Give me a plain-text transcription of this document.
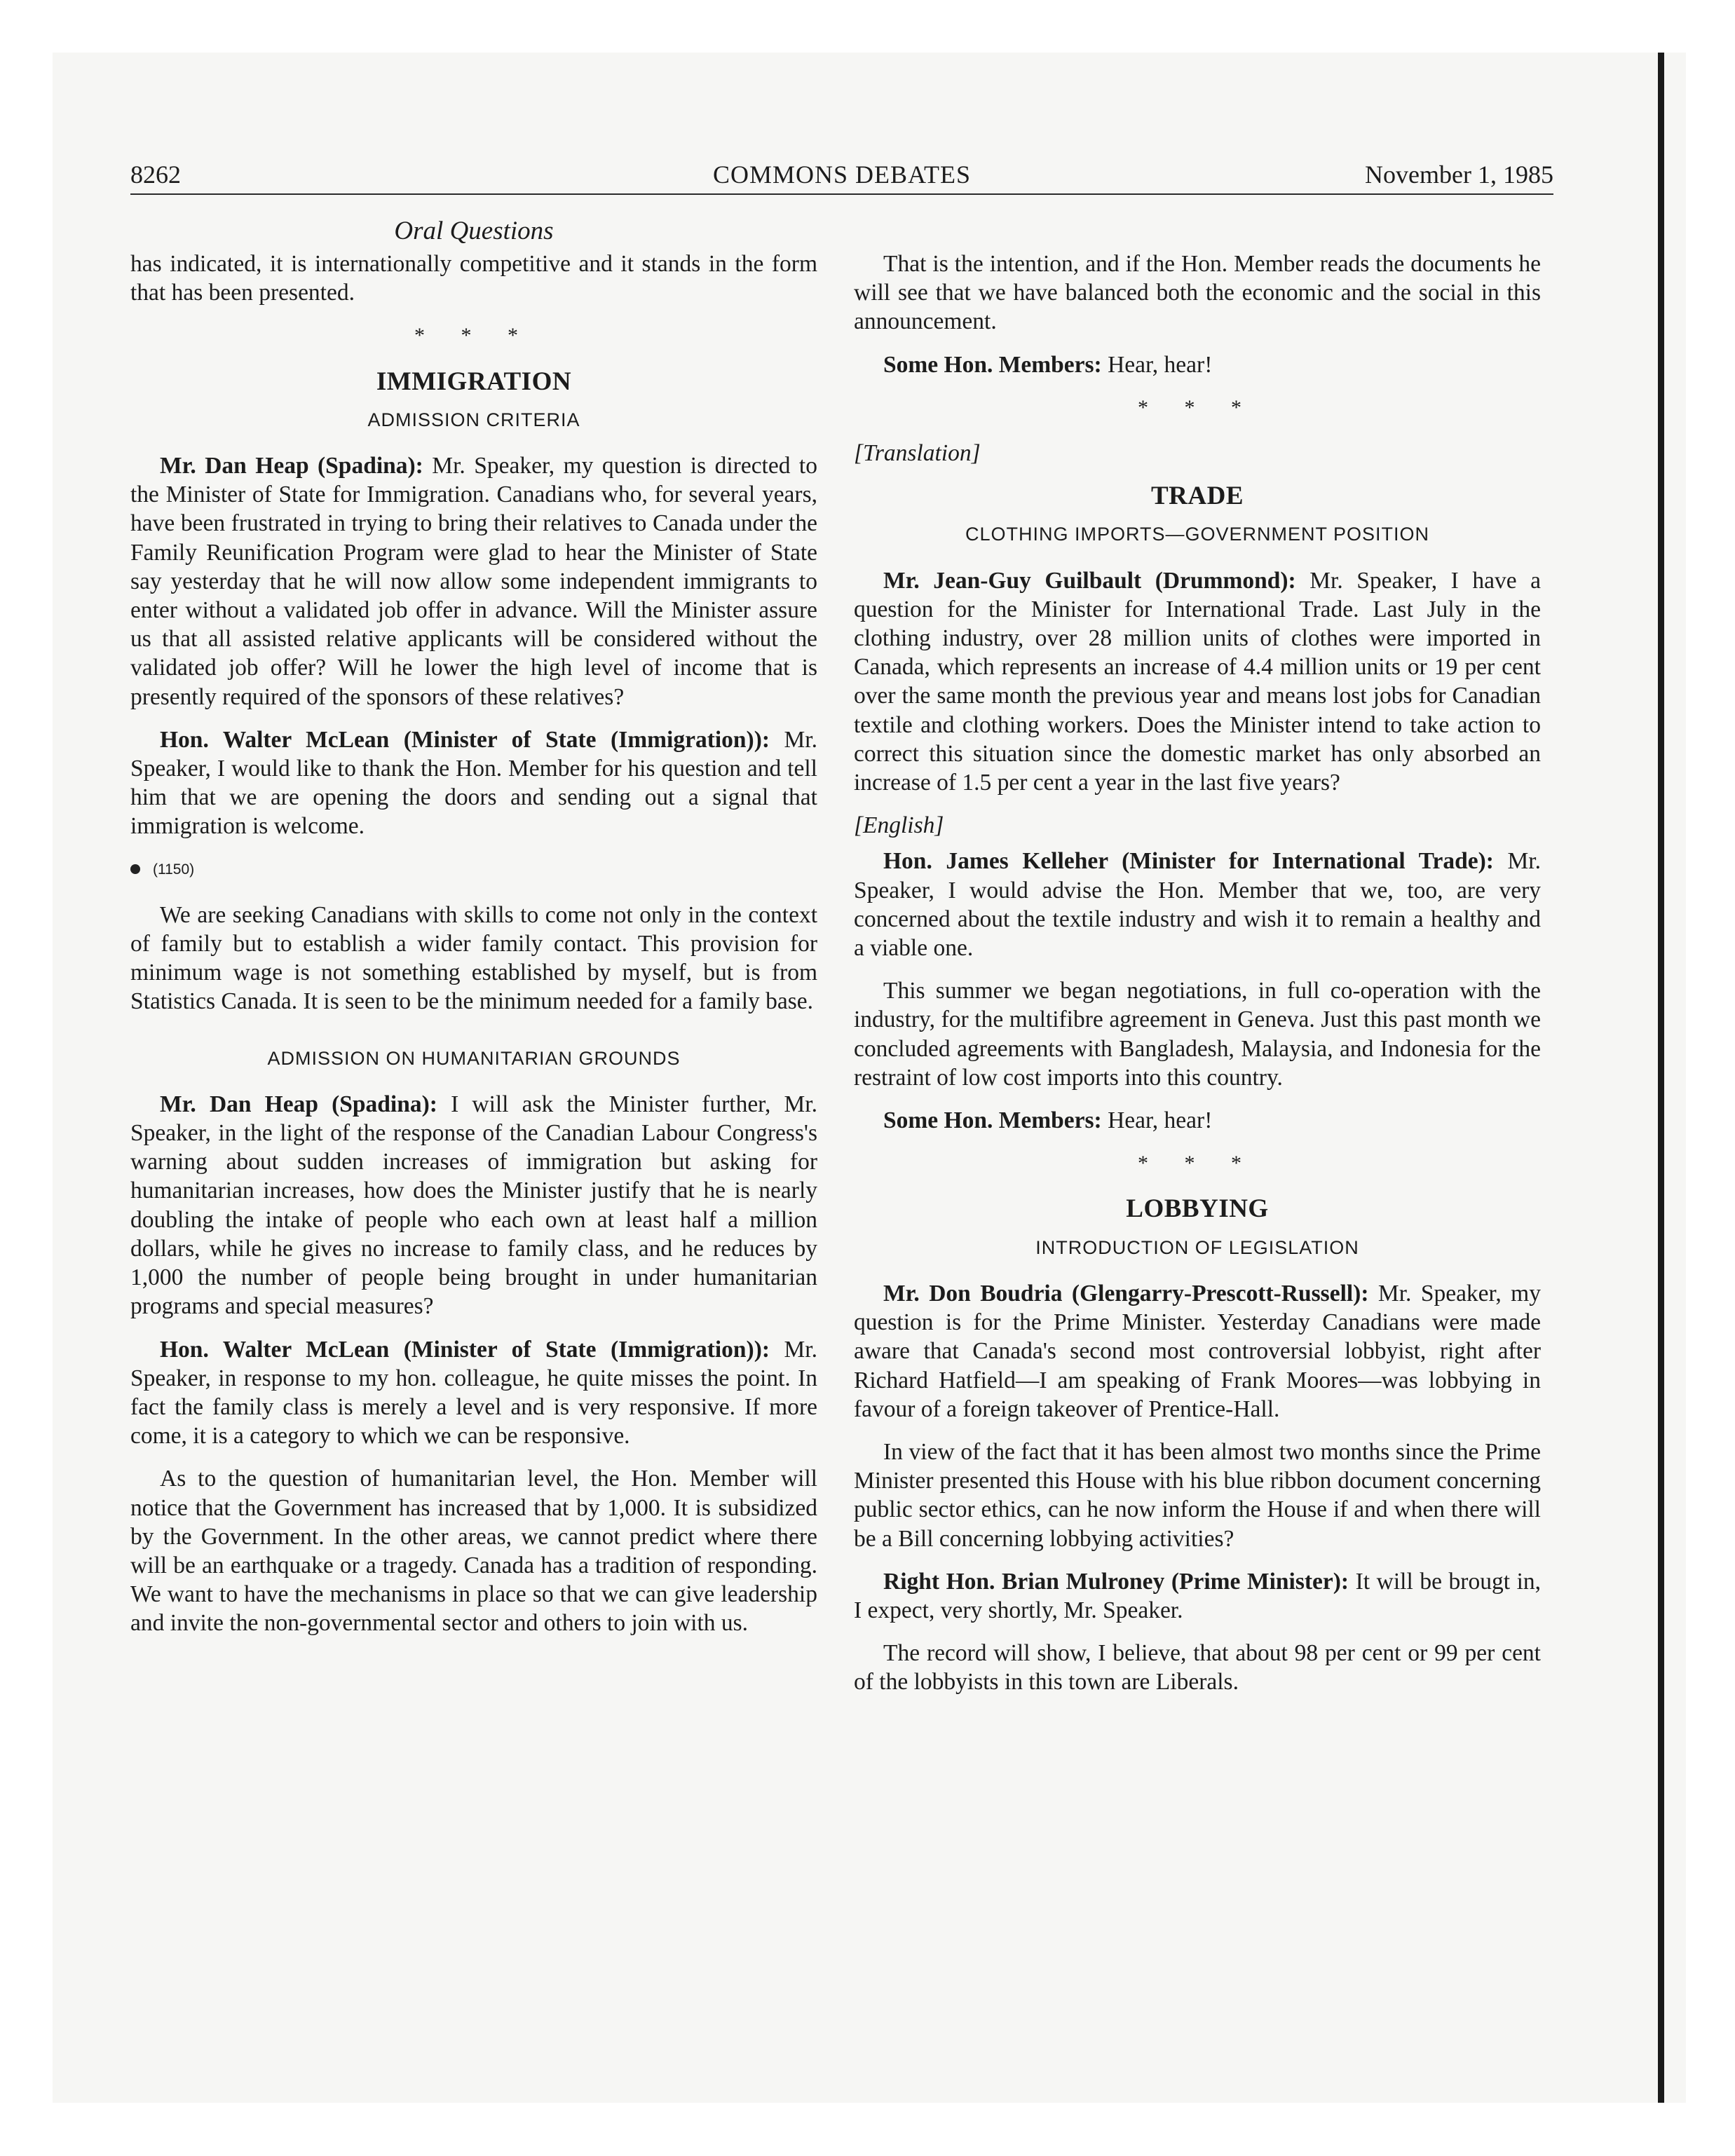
8262	COMMONS DEBATES	November 1, 1985
Oral Questions

has indicated, it is internationally competitive and it stands in the form that has been presented.

* * *
IMMIGRATION
ADMISSION CRITERIA

Mr. Dan Heap (Spadina): Mr. Speaker, my question is directed to the Minister of State for Immigration. Canadians who, for several years, have been frustrated in trying to bring their relatives to Canada under the Family Reunification Program were glad to hear the Minister of State say yesterday that he will now allow some independent immigrants to enter without a validated job offer in advance. Will the Minister assure us that all assisted relative applicants will be considered without the validated job offer? Will he lower the high level of income that is presently required of the sponsors of these relatives?

Hon. Walter McLean (Minister of State (Immigration)): Mr. Speaker, I would like to thank the Hon. Member for his question and tell him that we are opening the doors and sending out a signal that immigration is welcome.

(1150)

We are seeking Canadians with skills to come not only in the context of family but to establish a wider family contact. This provision for minimum wage is not something established by myself, but is from Statistics Canada. It is seen to be the minimum needed for a family base.

ADMISSION ON HUMANITARIAN GROUNDS

Mr. Dan Heap (Spadina): I will ask the Minister further, Mr. Speaker, in the light of the response of the Canadian Labour Congress's warning about sudden increases of immigration but asking for humanitarian increases, how does the Minister justify that he is nearly doubling the intake of people who each own at least half a million dollars, while he gives no increase to family class, and he reduces by 1,000 the number of people being brought in under humanitarian programs and special measures?

Hon. Walter McLean (Minister of State (Immigration)): Mr. Speaker, in response to my hon. colleague, he quite misses the point. In fact the family class is merely a level and is very responsive. If more come, it is a category to which we can be responsive.

As to the question of humanitarian level, the Hon. Member will notice that the Government has increased that by 1,000. It is subsidized by the Government. In the other areas, we cannot predict where there will be an earthquake or a tragedy. Canada has a tradition of responding. We want to have the mechanisms in place so that we can give leadership and invite the non-governmental sector and others to join with us.

That is the intention, and if the Hon. Member reads the documents he will see that we have balanced both the economic and the social in this announcement.

Some Hon. Members: Hear, hear!

* * *
[Translation]
TRADE
CLOTHING IMPORTS—GOVERNMENT POSITION

Mr. Jean-Guy Guilbault (Drummond): Mr. Speaker, I have a question for the Minister for International Trade. Last July in the clothing industry, over 28 million units of clothes were imported in Canada, which represents an increase of 4.4 million units or 19 per cent over the same month the previous year and means lost jobs for Canadian textile and clothing workers. Does the Minister intend to take action to correct this situation since the domestic market has only absorbed an increase of 1.5 per cent a year in the last five years?

[English]

Hon. James Kelleher (Minister for International Trade): Mr. Speaker, I would advise the Hon. Member that we, too, are very concerned about the textile industry and wish it to remain a healthy and a viable one.

This summer we began negotiations, in full co-operation with the industry, for the multifibre agreement in Geneva. Just this past month we concluded agreements with Bangladesh, Malaysia, and Indonesia for the restraint of low cost imports into this country.

Some Hon. Members: Hear, hear!

* * *
LOBBYING
INTRODUCTION OF LEGISLATION

Mr. Don Boudria (Glengarry-Prescott-Russell): Mr. Speaker, my question is for the Prime Minister. Yesterday Canadians were made aware that Canada's second most controversial lobbyist, right after Richard Hatfield—I am speaking of Frank Moores—was lobbying in favour of a foreign takeover of Prentice-Hall.

In view of the fact that it has been almost two months since the Prime Minister presented this House with his blue ribbon document concerning public sector ethics, can he now inform the House if and when there will be a Bill concerning lobbying activities?

Right Hon. Brian Mulroney (Prime Minister): It will be brougt in, I expect, very shortly, Mr. Speaker.

The record will show, I believe, that about 98 per cent or 99 per cent of the lobbyists in this town are Liberals.
